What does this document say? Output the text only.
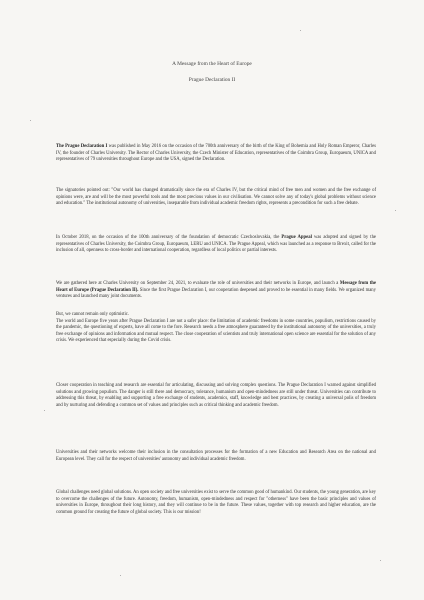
A Message from the Heart of Europe
Prague Declaration II
The Prague Declaration I was published in May 2016 on the occasion of the 700th anniversary of the birth of the King of Bohemia and Holy Roman Emperor, Charles IV, the founder of Charles University. The Rector of Charles University, the Czech Minister of Education, representatives of the Coimbra Group, Europaeum, UNICA and representatives of 79 universities throughout Europe and the USA, signed the Declaration.
The signatories pointed out: "Our world has changed dramatically since the era of Charles IV, but the critical mind of free men and women and the free exchange of opinions were, are and will be the most powerful tools and the most precious values in our civilisation. We cannot solve any of today's global problems without science and education." The institutional autonomy of universities, inseparable from individual academic freedom rights, represents a precondition for such a free debate.
In October 2018, on the occasion of the 100th anniversary of the foundation of democratic Czechoslovakia, the Prague Appeal was adopted and signed by the representatives of Charles University, the Coimbra Group, Europaeum, LERU and UNICA. The Prague Appeal, which was launched as a response to Brexit, called for the inclusion of all, openness to cross-border and international cooperation, regardless of local politics or partial interests.
We are gathered here at Charles University on September 24, 2021, to evaluate the role of universities and their networks in Europe, and launch a Message from the Heart of Europe (Prague Declaration II). Since the first Prague Declaration I, our cooperation deepened and proved to be essential in many fields. We organized many ventures and launched many joint documents.
But, we cannot remain only optimistic.
The world and Europe five years after Prague Declaration I are not a safer place: the limitation of academic freedoms in some countries, populism, restrictions caused by the pandemic, the questioning of experts, have all come to the fore. Research needs a free atmosphere guaranteed by the institutional autonomy of the universities, a truly free exchange of opinions and information and mutual respect. The close cooperation of scientists and truly international open science are essential for the solution of any crisis. We experienced that especially during the Covid crisis.
Closer cooperation in teaching and research are essential for articulating, discussing and solving complex questions. The Prague Declaration I warned against simplified solutions and growing populism. The danger is still there and democracy, tolerance, humanism and open-mindedness are still under threat. Universities can contribute to addressing this threat, by enabling and supporting a free exchange of students, academics, staff, knowledge and best practices, by creating a universal polis of freedom and by nurturing and defending a common set of values and principles such as critical thinking and academic freedom.
Universities and their networks welcome their inclusion in the consultation processes for the formation of a new Education and Research Area on the national and European level. They call for the respect of universities' autonomy and individual academic freedom.
Global challenges need global solutions. An open society and free universities exist to serve the common good of humankind. Our students, the young generation, are key to overcome the challenges of the future. Autonomy, freedom, humanism, open-mindedness and respect for "otherness" have been the basic principles and values of universities in Europe, throughout their long history, and they will continue to be in the future. These values, together with top research and higher education, are the common ground for creating the future of global society. This is our mission!
